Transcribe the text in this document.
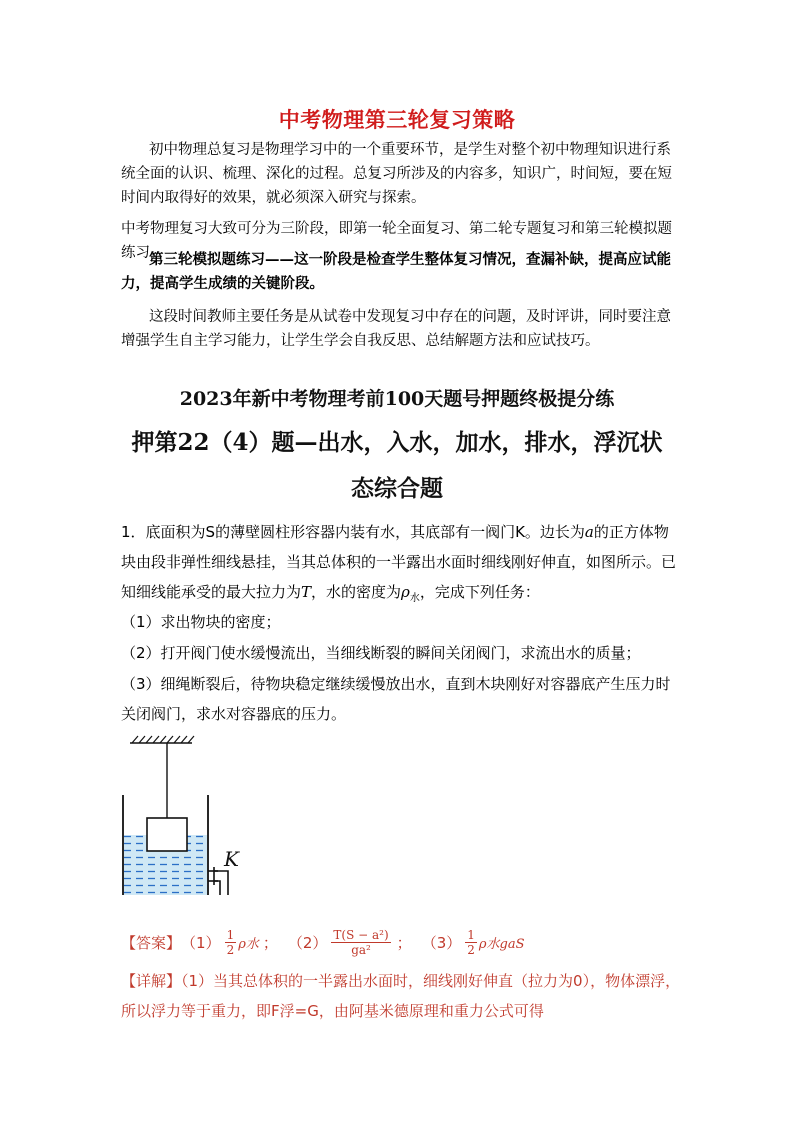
中考物理第三轮复习策略
初中物理总复习是物理学习中的一个重要环节，是学生对整个初中物理知识进行系统全面的认识、梳理、深化的过程。总复习所涉及的内容多，知识广，时间短，要在短时间内取得好的效果，就必须深入研究与探索。
中考物理复习大致可分为三阶段，即第一轮全面复习、第二轮专题复习和第三轮模拟题练习。
第三轮模拟题练习——这一阶段是检查学生整体复习情况，查漏补缺，提高应试能力，提高学生成绩的关键阶段。
这段时间教师主要任务是从试卷中发现复习中存在的问题，及时评讲，同时要注意增强学生自主学习能力，让学生学会自我反思、总结解题方法和应试技巧。
2023年新中考物理考前100天题号押题终极提分练
押第22（4）题—出水，入水，加水，排水，浮沉状
态综合题
1．底面积为S的薄壁圆柱形容器内装有水，其底部有一阀门K。边长为a的正方体物块由段非弹性细线悬挂，当其总体积的一半露出水面时细线刚好伸直，如图所示。已知细线能承受的最大拉力为T，水的密度为$\rho_水$，完成下列任务：
（1）求出物块的密度；
（2）打开阀门使水缓慢流出，当细线断裂的瞬间关闭阀门，求流出水的质量；
（3）细绳断裂后，待物块稳定继续缓慢放出水，直到木块刚好对容器底产生压力时关闭阀门，求水对容器底的压力。
K
【答案】 $(1) \frac{1}{2}$ ρ水 ； $(2) \frac{\text{T(S − a²)}}{\text{ga²}}$ ； $(3) \frac{1}{2}$ ρ水gaS
【详解】（1）当其总体积的一半露出水面时，细线刚好伸直（拉力为0），物体漂浮，所以浮力等于重力，即F浮=G，由阿基米德原理和重力公式可得
